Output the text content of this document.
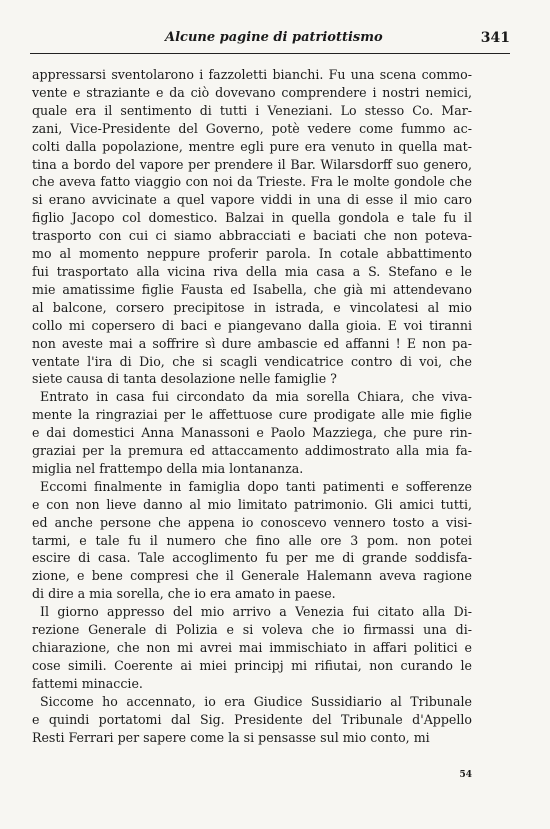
Alcune pagine di patriottismo	341
appressarsi sventolarono i fazzoletti bianchi. Fu una scena commo-
vente e straziante e da ciò dovevano comprendere i nostri nemici,
quale era il sentimento di tutti i Veneziani. Lo stesso Co. Mar-
zani, Vice-Presidente del Governo, potè vedere come fummo ac-
colti dalla popolazione, mentre egli pure era venuto in quella mat-
tina a bordo del vapore per prendere il Bar. Wilarsdorff suo genero,
che aveva fatto viaggio con noi da Trieste. Fra le molte gondole che
si erano avvicinate a quel vapore viddi in una di esse il mio caro
figlio Jacopo col domestico. Balzai in quella gondola e tale fu il
trasporto con cui ci siamo abbracciati e baciati che non poteva-
mo al momento neppure proferir parola. In cotale abbattimento
fui trasportato alla vicina riva della mia casa a S. Stefano e le
mie amatissime figlie Fausta ed Isabella, che già mi attendevano
al balcone, corsero precipitose in istrada, e vincolatesi al mio
collo mi copersero di baci e piangevano dalla gioia. E voi tiranni
non aveste mai a soffrire sì dure ambascie ed affanni ! E non pa-
ventate l'ira di Dio, che si scagli vendicatrice contro di voi, che
siete causa di tanta desolazione nelle famiglie ?
Entrato in casa fui circondato da mia sorella Chiara, che viva-
mente la ringraziai per le affettuose cure prodigate alle mie figlie
e dai domestici Anna Manassoni e Paolo Mazziega, che pure rin-
graziai per la premura ed attaccamento addimostrato alla mia fa-
miglia nel frattempo della mia lontananza.
Eccomi finalmente in famiglia dopo tanti patimenti e sofferenze
e con non lieve danno al mio limitato patrimonio. Gli amici tutti,
ed anche persone che appena io conoscevo vennero tosto a visi-
tarmi, e tale fu il numero che fino alle ore 3 pom. non potei
escire di casa. Tale accoglimento fu per me di grande soddisfa-
zione, e bene compresi che il Generale Halemann aveva ragione
di dire a mia sorella, che io era amato in paese.
Il giorno appresso del mio arrivo a Venezia fui citato alla Di-
rezione Generale di Polizia e si voleva che io firmassi una di-
chiarazione, che non mi avrei mai immischiato in affari politici e
cose simili. Coerente ai miei principj mi rifiutai, non curando le
fattemi minaccie.
Siccome ho accennato, io era Giudice Sussidiario al Tribunale
e quindi portatomi dal Sig. Presidente del Tribunale d'Appello
Resti Ferrari per sapere come la si pensasse sul mio conto, mi
54
